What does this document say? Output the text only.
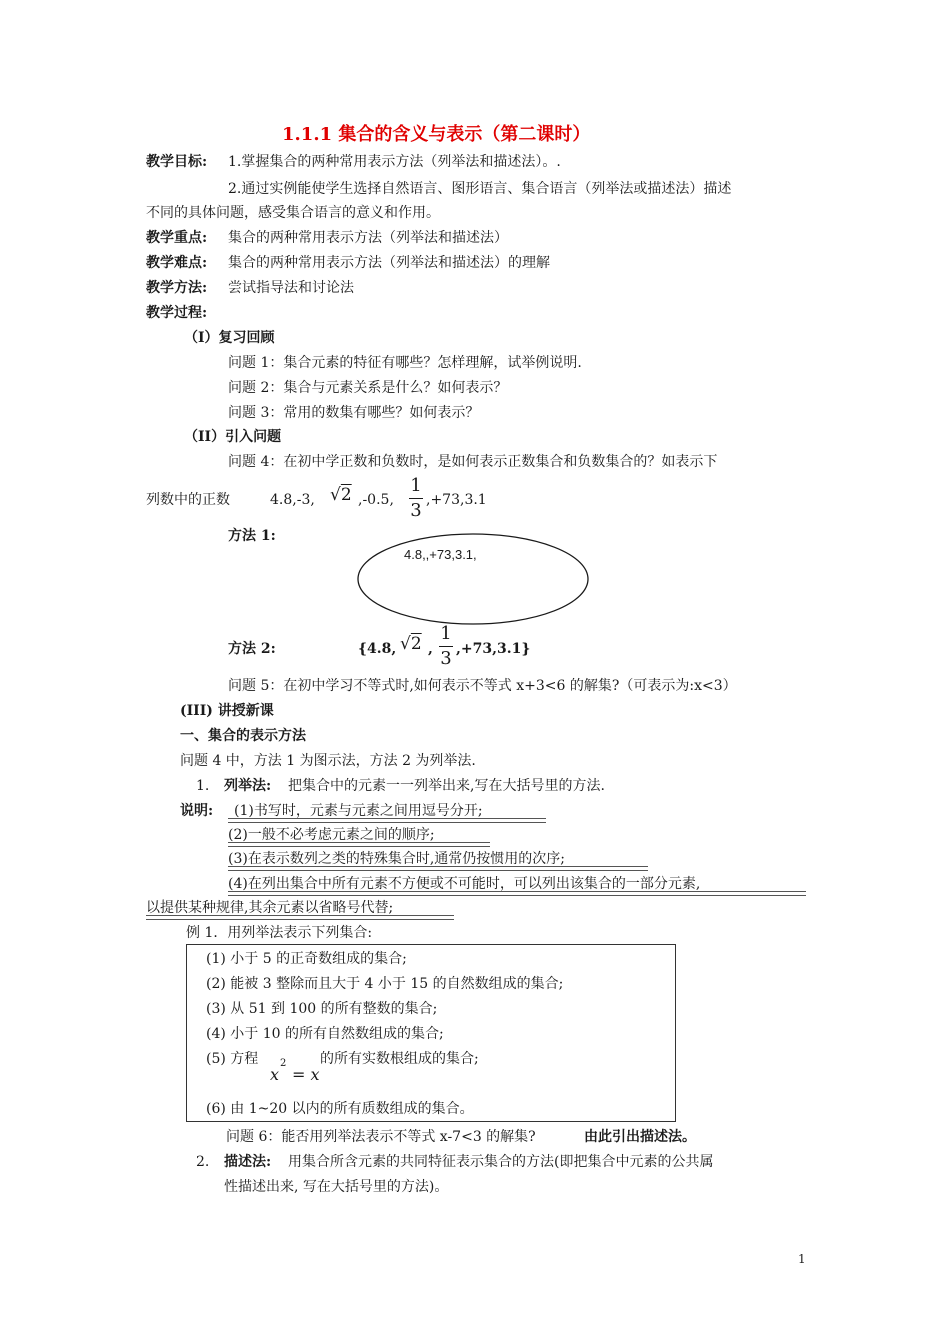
1.1.1 集合的含义与表示（第二课时）
教学目标: 1.掌握集合的两种常用表示方法（列举法和描述法）。.
2.通过实例能使学生选择自然语言、图形语言、集合语言（列举法或描述法）描述
不同的具体问题，感受集合语言的意义和作用。
教学重点: 集合的两种常用表示方法（列举法和描述法）
教学难点: 集合的两种常用表示方法（列举法和描述法）的理解
教学方法: 尝试指导法和讨论法
教学过程:
（I）复习回顾
问题 1：集合元素的特征有哪些？怎样理解，试举例说明.
问题 2：集合与元素关系是什么？如何表示？
问题 3：常用的数集有哪些？如何表示？
（II）引入问题
问题 4：在初中学正数和负数时，是如何表示正数集合和负数集合的？如表示下
列数中的正数	4.8,-3, √2 ,-0.5,
1
3 ,+73,3.1
方法 1:
4.8,,+73,3.1,
方法 2:	{4.8, √2 ,
1
3 ,+73,3.1}
问题 5：在初中学习不等式时,如何表示不等式 x+3<6 的解集?（可表示为:x<3）
(III) 讲授新课
一、集合的表示方法
问题 4 中，方法 1 为图示法，方法 2 为列举法.
1. 列举法: 把集合中的元素一一列举出来,写在大括号里的方法.
说明: (1)书写时，元素与元素之间用逗号分开;
(2)一般不必考虑元素之间的顺序;
(3)在表示数列之类的特殊集合时,通常仍按惯用的次序;
(4)在列出集合中所有元素不方便或不可能时，可以列出该集合的一部分元素,
以提供某种规律,其余元素以省略号代替;
例 1．用列举法表示下列集合:
(1) 小于 5 的正奇数组成的集合;
(2) 能被 3 整除而且大于 4 小于 15 的自然数组成的集合;
(3) 从 51 到 100 的所有整数的集合;
(4) 小于 10 的所有自然数组成的集合;
(5) 方程
x
2
= x
的所有实数根组成的集合;
(6) 由 1~20 以内的所有质数组成的集合。
问题 6：能否用列举法表示不等式 x-7<3 的解集?	由此引出描述法。
2. 描述法: 用集合所含元素的共同特征表示集合的方法(即把集合中元素的公共属
性描述出来, 写在大括号里的方法)。
1
